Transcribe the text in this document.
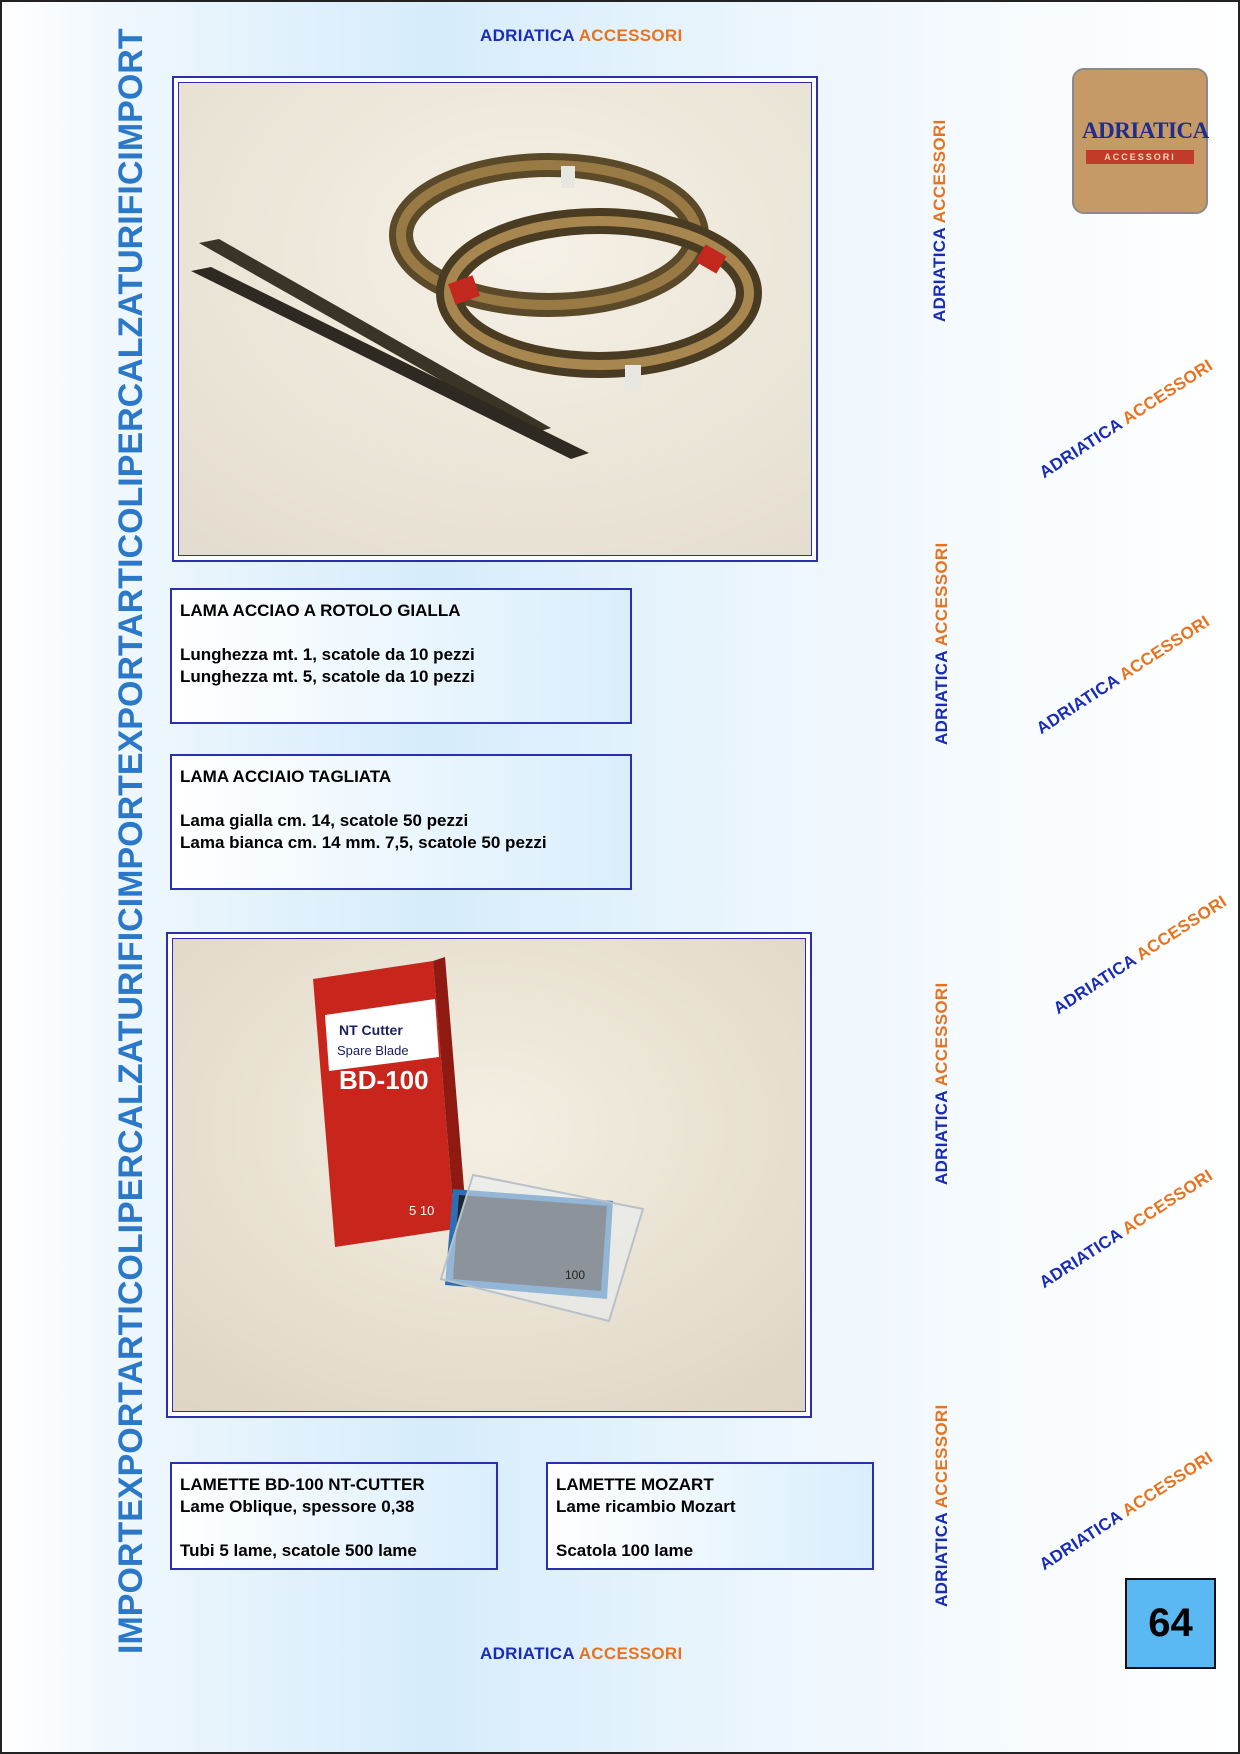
ADRIATICA ACCESSORI
IMPORTEXPORTARTICOLIPERCALZATURIFICIMPORTEXPORTARTICOLIPERCALZATURIFICIMPORT LAMA ACCIAO A ROTOLO GIALLA
Lunghezza mt. 1, scatole da 10 pezzi
Lunghezza mt. 5, scatole da 10 pezzi
LAMA ACCIAIO TAGLIATA
Lama gialla cm. 14, scatole 50 pezzi
Lama bianca cm. 14 mm. 7,5, scatole 50 pezzi
NT Cutter
Spare Blade
BD-100
5 10
100
LAMETTE BD-100 NT-CUTTER
Lame Oblique, spessore 0,38
Tubi 5 lame, scatole 500 lame
LAMETTE MOZART
Lame ricambio Mozart
Scatola 100 lame
ADRIATICA ACCESSORI
ADRIATICA ACCESSORI
ADRIATICA ACCESSORI
ADRIATICA ACCESSORI
ADRIATICA ACCESSORI
ADRIATICA ACCESSORI
ADRIATICA ACCESSORI
ADRIATICA ACCESSORI
ADRIATICA ACCESSORI
ADRIATICA
ACCESSORI
64
ADRIATICA ACCESSORI
